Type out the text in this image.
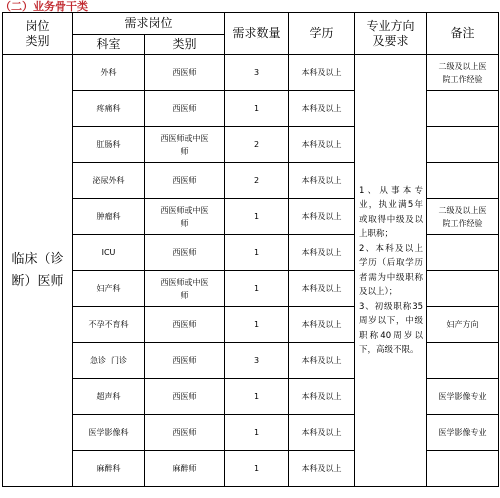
（二）业务骨干类
岗位
类别	需求岗位		需求数量	学历	专业方向
及要求	备注
	科室	类别				
临床（诊
断）医师	外科	西医师	3	本科及以上	1、从事本专业，执业满5年或取得中级及以上职称；
2、本科及以上学历（后取学历者需为中级职称及以上）；
3、初级职称35周岁以下，中级职称40周岁以下，高级不限。	二级及以上医
院工作经验
	疼痛科	西医师	1	本科及以上		
	肛肠科	西医师或中医
师	2	本科及以上		
	泌尿外科	西医师	2	本科及以上		
	肿瘤科	西医师或中医
师	1	本科及以上		二级及以上医
院工作经验
	ICU	西医师	1	本科及以上		
	妇产科	西医师或中医
师	1	本科及以上		
	不孕不育科	西医师	1	本科及以上		妇产方向
	急诊  门诊	西医师	3	本科及以上		
	超声科	西医师	1	本科及以上		医学影像专业
	医学影像科	西医师	1	本科及以上		医学影像专业
	麻醉科	麻醉师	1	本科及以上		
